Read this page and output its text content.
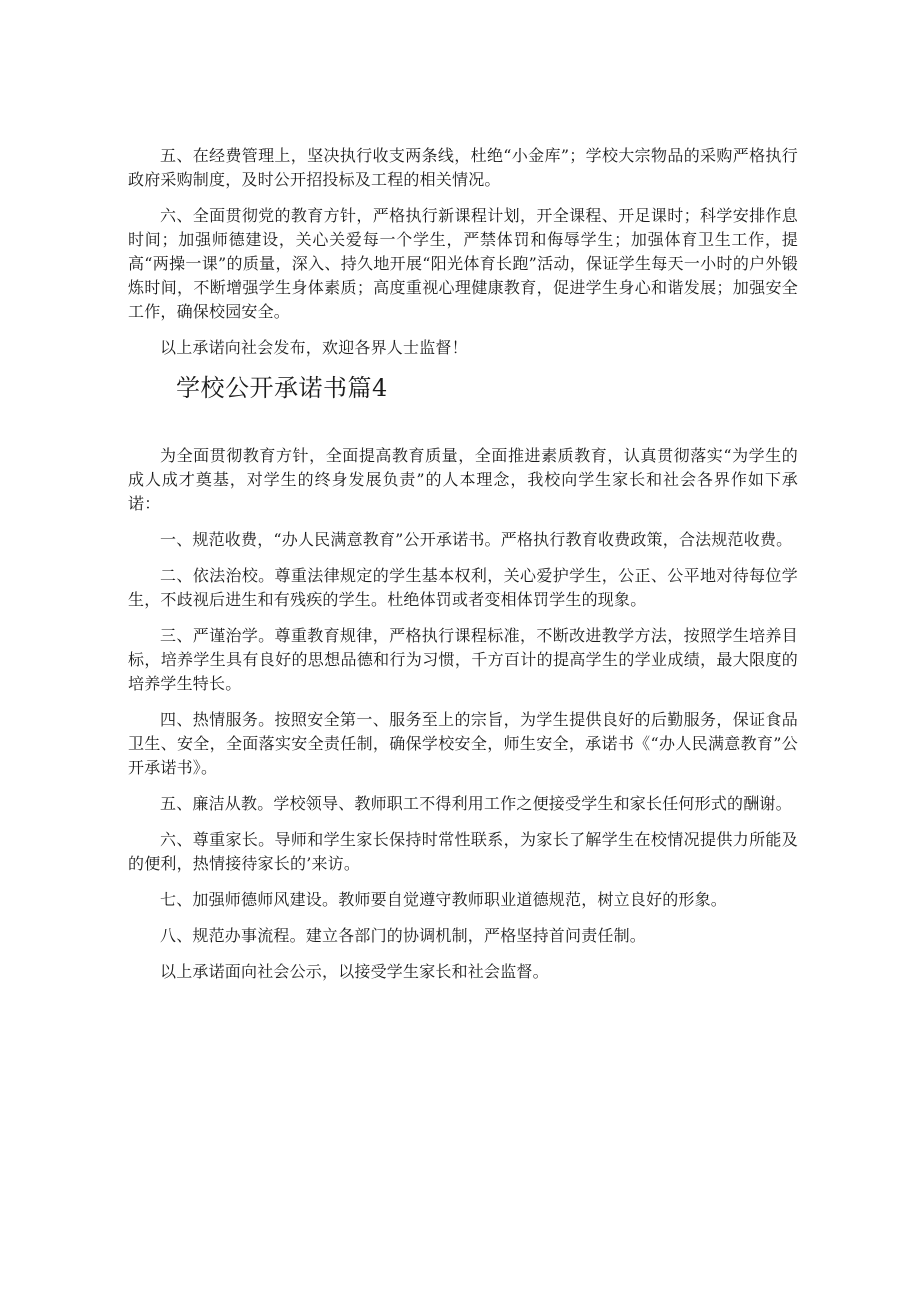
五、在经费管理上，坚决执行收支两条线，杜绝“小金库”；学校大宗物品的采购严格执行政府采购制度，及时公开招投标及工程的相关情况。

六、全面贯彻党的教育方针，严格执行新课程计划，开全课程、开足课时；科学安排作息时间；加强师德建设，关心关爱每一个学生，严禁体罚和侮辱学生；加强体育卫生工作，提高“两操一课”的质量，深入、持久地开展“阳光体育长跑”活动，保证学生每天一小时的户外锻炼时间，不断增强学生身体素质；高度重视心理健康教育，促进学生身心和谐发展；加强安全工作，确保校园安全。

以上承诺向社会发布，欢迎各界人士监督！

学校公开承诺书篇4

为全面贯彻教育方针，全面提高教育质量，全面推进素质教育，认真贯彻落实“为学生的成人成才奠基，对学生的终身发展负责”的人本理念，我校向学生家长和社会各界作如下承诺：

一、规范收费，“办人民满意教育”公开承诺书。严格执行教育收费政策，合法规范收费。

二、依法治校。尊重法律规定的学生基本权利，关心爱护学生，公正、公平地对待每位学生，不歧视后进生和有残疾的学生。杜绝体罚或者变相体罚学生的现象。

三、严谨治学。尊重教育规律，严格执行课程标准，不断改进教学方法，按照学生培养目标，培养学生具有良好的思想品德和行为习惯，千方百计的提高学生的学业成绩，最大限度的培养学生特长。

四、热情服务。按照安全第一、服务至上的宗旨，为学生提供良好的后勤服务，保证食品卫生、安全，全面落实安全责任制，确保学校安全，师生安全，承诺书《“办人民满意教育”公开承诺书》。

五、廉洁从教。学校领导、教师职工不得利用工作之便接受学生和家长任何形式的酬谢。

六、尊重家长。导师和学生家长保持时常性联系，为家长了解学生在校情况提供力所能及的便利，热情接待家长的’来访。

七、加强师德师风建设。教师要自觉遵守教师职业道德规范，树立良好的形象。

八、规范办事流程。建立各部门的协调机制，严格坚持首问责任制。

以上承诺面向社会公示，以接受学生家长和社会监督。
